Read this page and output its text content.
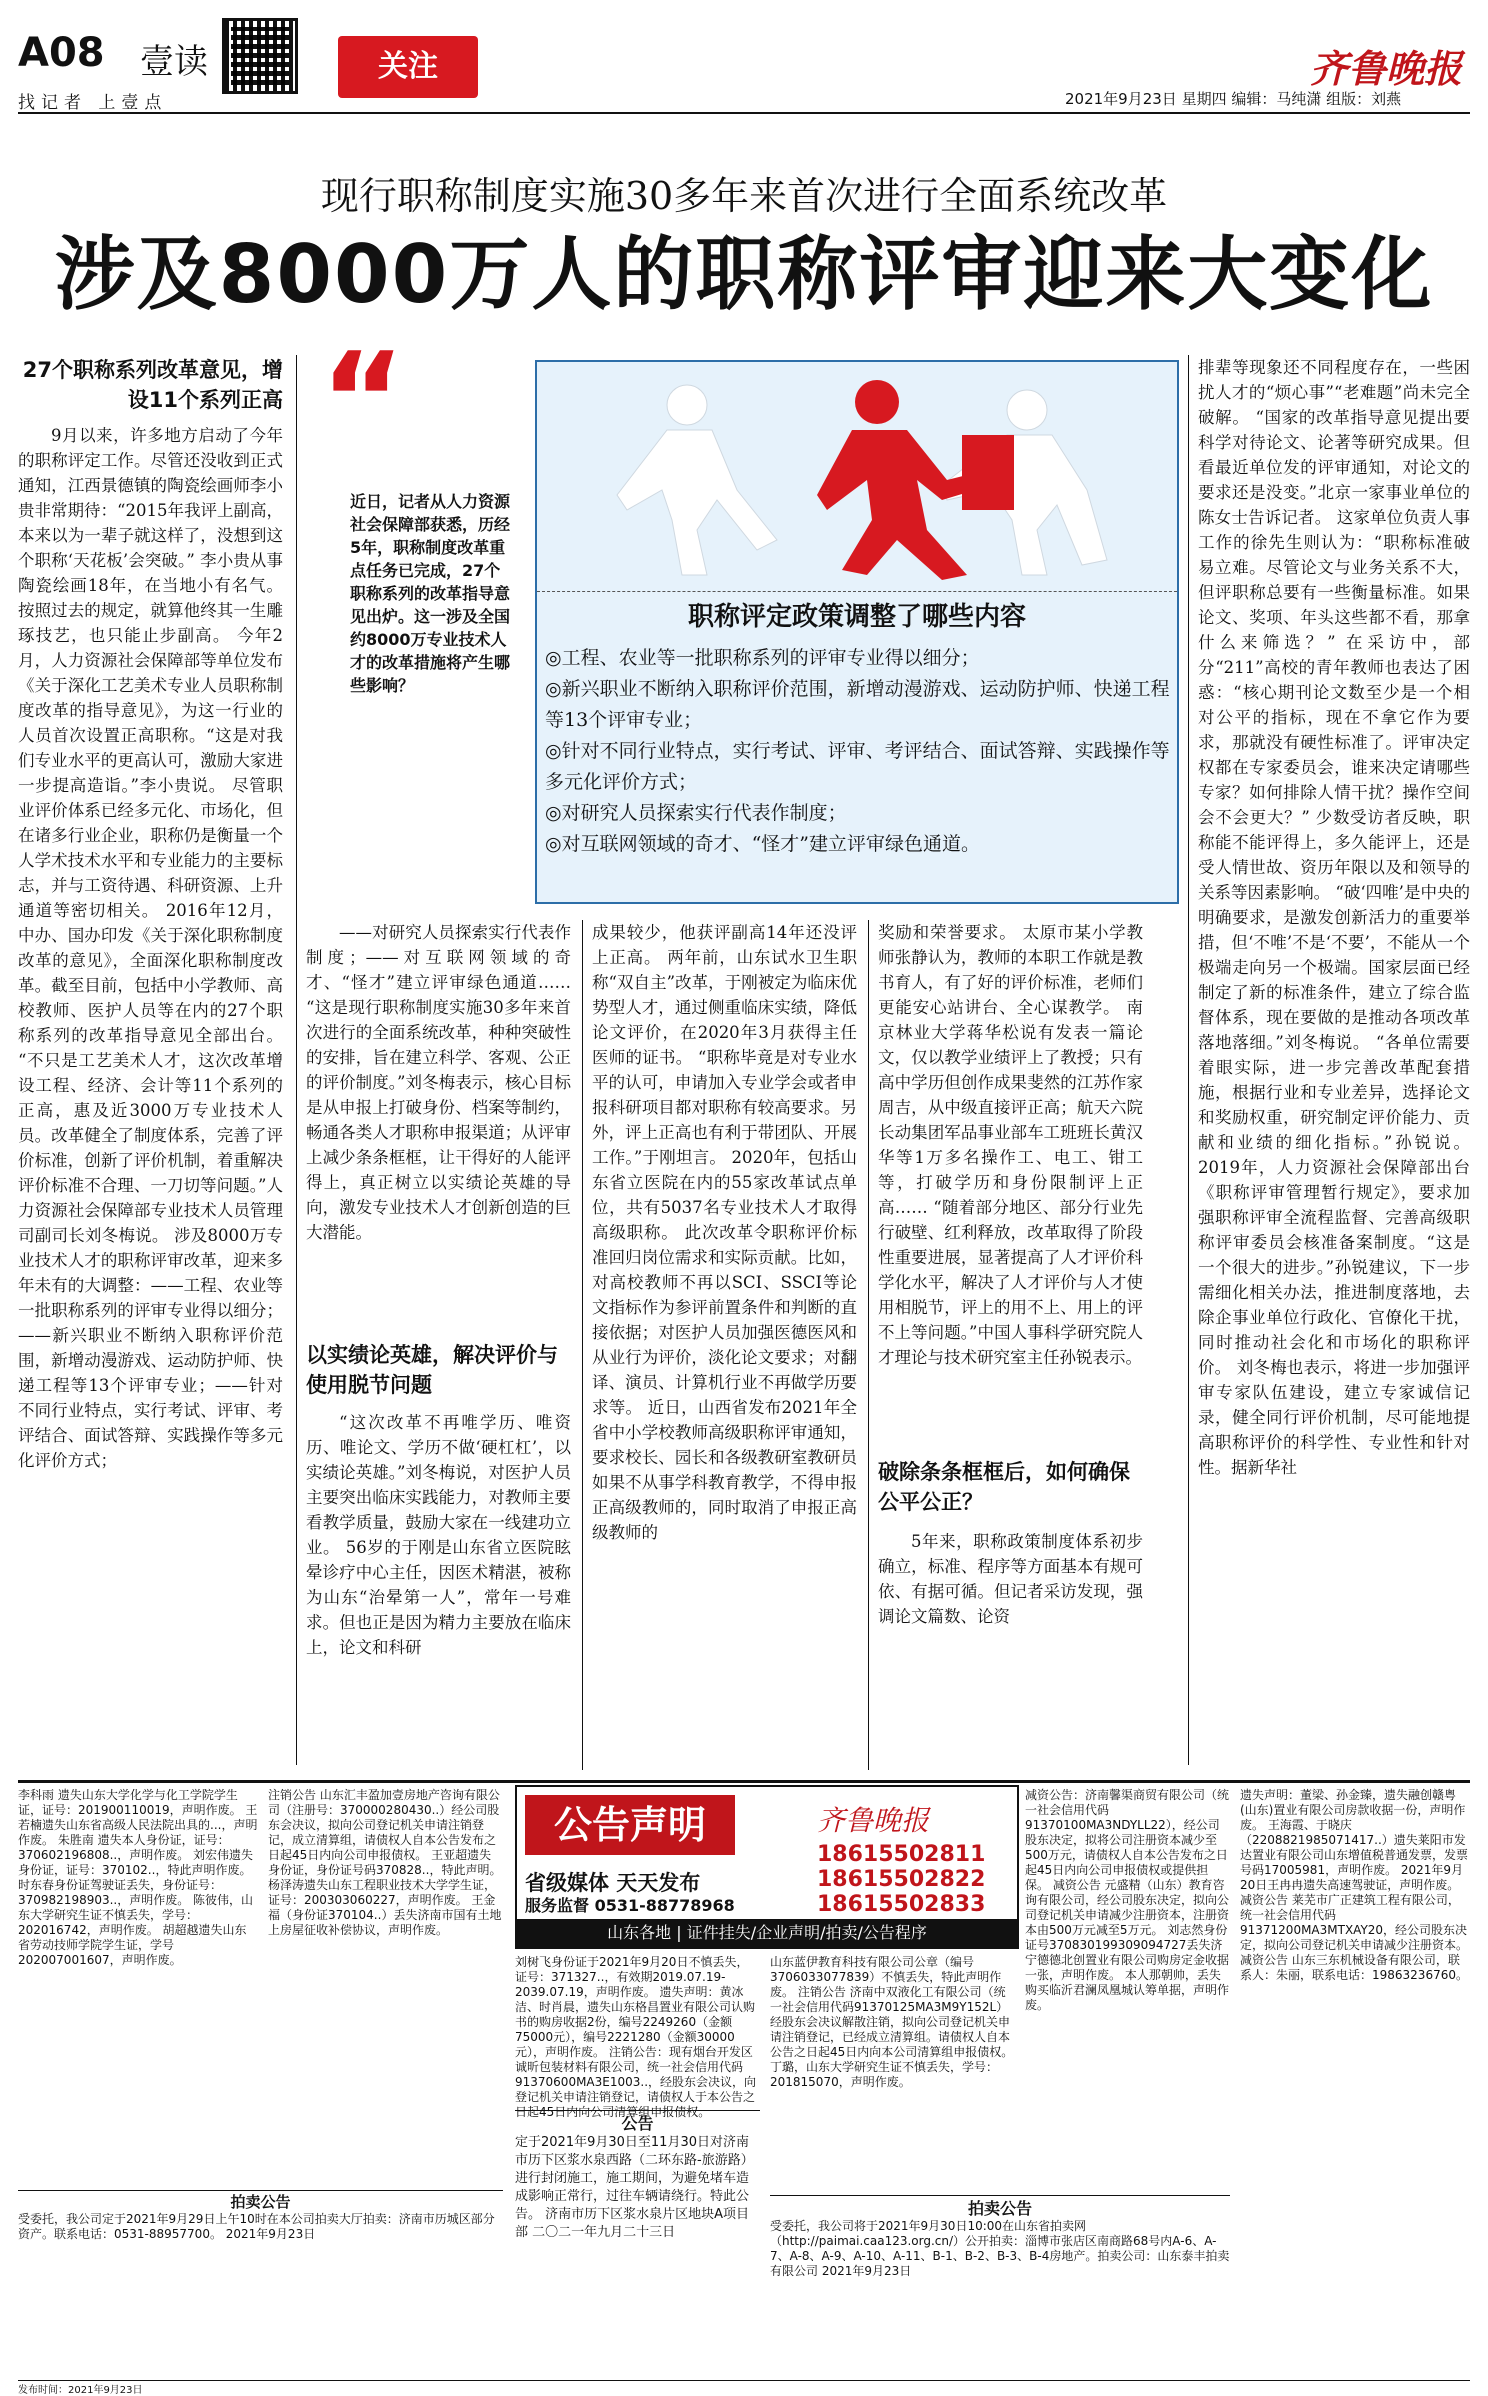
A08 壹读
找记者 上壹点
关注	齐鲁晚报
2021年9月23日 星期四 编辑：马纯潇 组版：刘燕
现行职称制度实施30多年来首次进行全面系统改革
涉及8000万人的职称评审迎来大变化
27个职称系列改革意见，增设11个系列正高
9月以来，许多地方启动了今年的职称评定工作。尽管还没收到正式通知，江西景德镇的陶瓷绘画师李小贵非常期待：“2015年我评上副高，本来以为一辈子就这样了，没想到这个职称‘天花板’会突破。” 李小贵从事陶瓷绘画18年，在当地小有名气。按照过去的规定，就算他终其一生雕琢技艺，也只能止步副高。 今年2月，人力资源社会保障部等单位发布《关于深化工艺美术专业人员职称制度改革的指导意见》，为这一行业的人员首次设置正高职称。“这是对我们专业水平的更高认可，激励大家进一步提高造诣。”李小贵说。 尽管职业评价体系已经多元化、市场化，但在诸多行业企业，职称仍是衡量一个人学术技术水平和专业能力的主要标志，并与工资待遇、科研资源、上升通道等密切相关。 2016年12月，中办、国办印发《关于深化职称制度改革的意见》，全面深化职称制度改革。截至目前，包括中小学教师、高校教师、医护人员等在内的27个职称系列的改革指导意见全部出台。 “不只是工艺美术人才，这次改革增设工程、经济、会计等11个系列的正高，惠及近3000万专业技术人员。改革健全了制度体系，完善了评价标准，创新了评价机制，着重解决评价标准不合理、一刀切等问题。”人力资源社会保障部专业技术人员管理司副司长刘冬梅说。 涉及8000万专业技术人才的职称评审改革，迎来多年未有的大调整：——工程、农业等一批职称系列的评审专业得以细分；——新兴职业不断纳入职称评价范围，新增动漫游戏、运动防护师、快递工程等13个评审专业；——针对不同行业特点，实行考试、评审、考评结合、面试答辩、实践操作等多元化评价方式；
“

近日，记者从人力资源社会保障部获悉，历经5年，职称制度改革重点任务已完成，27个职称系列的改革指导意见出炉。这一涉及全国约8000万专业技术人才的改革措施将产生哪些影响？

职称评定政策调整了哪些内容
◎工程、农业等一批职称系列的评审专业得以细分；
◎新兴职业不断纳入职称评价范围，新增动漫游戏、运动防护师、快递工程等13个评审专业；
◎针对不同行业特点，实行考试、评审、考评结合、面试答辩、实践操作等多元化评价方式；
◎对研究人员探索实行代表作制度；
◎对互联网领域的奇才、“怪才”建立评审绿色通道。
——对研究人员探索实行代表作制度；——对互联网领域的奇才、“怪才”建立评审绿色通道…… “这是现行职称制度实施30多年来首次进行的全面系统改革，种种突破性的安排，旨在建立科学、客观、公正的评价制度。”刘冬梅表示，核心目标是从申报上打破身份、档案等制约，畅通各类人才职称申报渠道；从评审上减少条条框框，让干得好的人能评得上，真正树立以实绩论英雄的导向，激发专业技术人才创新创造的巨大潜能。
以实绩论英雄，解决评价与使用脱节问题
“这次改革不再唯学历、唯资历、唯论文、学历不做‘硬杠杠’，以实绩论英雄。”刘冬梅说，对医护人员主要突出临床实践能力，对教师主要看教学质量，鼓励大家在一线建功立业。 56岁的于刚是山东省立医院眩晕诊疗中心主任，因医术精湛，被称为山东“治晕第一人”，常年一号难求。但也正是因为精力主要放在临床上，论文和科研
成果较少，他获评副高14年还没评上正高。 两年前，山东试水卫生职称“双自主”改革，于刚被定为临床优势型人才，通过侧重临床实绩，降低论文评价，在2020年3月获得主任医师的证书。 “职称毕竟是对专业水平的认可，申请加入专业学会或者申报科研项目都对职称有较高要求。另外，评上正高也有利于带团队、开展工作。”于刚坦言。 2020年，包括山东省立医院在内的55家改革试点单位，共有5037名专业技术人才取得高级职称。 此次改革令职称评价标准回归岗位需求和实际贡献。比如，对高校教师不再以SCI、SSCI等论文指标作为参评前置条件和判断的直接依据；对医护人员加强医德医风和从业行为评价，淡化论文要求；对翻译、演员、计算机行业不再做学历要求等。 近日，山西省发布2021年全省中小学校教师高级职称评审通知，要求校长、园长和各级教研室教研员如果不从事学科教育教学，不得申报正高级教师的，同时取消了申报正高级教师的
奖励和荣誉要求。 太原市某小学教师张静认为，教师的本职工作就是教书育人，有了好的评价标准，老师们更能安心站讲台、全心谋教学。 南京林业大学蒋华松说有发表一篇论文，仅以教学业绩评上了教授；只有高中学历但创作成果斐然的江苏作家周吉，从中级直接评正高；航天六院长动集团军品事业部车工班班长黄汉华等1万多名操作工、电工、钳工等，打破学历和身份限制评上正高…… “随着部分地区、部分行业先行破壁、红利释放，改革取得了阶段性重要进展，显著提高了人才评价科学化水平，解决了人才评价与人才使用相脱节，评上的用不上、用上的评不上等问题。”中国人事科学研究院人才理论与技术研究室主任孙锐表示。
破除条条框框后，如何确保公平公正？
5年来，职称政策制度体系初步确立，标准、程序等方面基本有规可依、有据可循。但记者采访发现，强调论文篇数、论资
排辈等现象还不同程度存在，一些困扰人才的“烦心事”“老难题”尚未完全破解。 “国家的改革指导意见提出要科学对待论文、论著等研究成果。但看最近单位发的评审通知，对论文的要求还是没变。”北京一家事业单位的陈女士告诉记者。 这家单位负责人事工作的徐先生则认为：“职称标准破易立难。尽管论文与业务关系不大，但评职称总要有一些衡量标准。如果论文、奖项、年头这些都不看，那拿什么来筛选？” 在采访中，部分“211”高校的青年教师也表达了困惑：“核心期刊论文数至少是一个相对公平的指标，现在不拿它作为要求，那就没有硬性标准了。评审决定权都在专家委员会，谁来决定请哪些专家？如何排除人情干扰？操作空间会不会更大？” 少数受访者反映，职称能不能评得上，多久能评上，还是受人情世故、资历年限以及和领导的关系等因素影响。 “破‘四唯’是中央的明确要求，是激发创新活力的重要举措，但‘不唯’不是‘不要’，不能从一个极端走向另一个极端。国家层面已经制定了新的标准条件，建立了综合监督体系，现在要做的是推动各项改革落地落细。”刘冬梅说。 “各单位需要着眼实际，进一步完善改革配套措施，根据行业和专业差异，选择论文和奖励权重，研究制定评价能力、贡献和业绩的细化指标。”孙锐说。 2019年，人力资源社会保障部出台《职称评审管理暂行规定》，要求加强职称评审全流程监督、完善高级职称评审委员会核准备案制度。“这是一个很大的进步。”孙锐建议，下一步需细化相关办法，推进制度落地，去除企事业单位行政化、官僚化干扰，同时推动社会化和市场化的职称评价。 刘冬梅也表示，将进一步加强评审专家队伍建设，建立专家诚信记录，健全同行评价机制，尽可能地提高职称评价的科学性、专业性和针对性。据新华社
李科雨 遗失山东大学化学与化工学院学生证，证号：201900110019，声明作废。 王若楠遗失山东省高级人民法院出具的...，声明作废。 朱胜南 遗失本人身份证，证号：370602196808..，声明作废。 刘宏伟遗失身份证，证号：370102..，特此声明作废。 时东春身份证驾驶证丢失，身份证号：370982198903..，声明作废。 陈彼伟，山东大学研究生证不慎丢失，学号：202016742，声明作废。 胡超越遗失山东省劳动技师学院学生证，学号202007001607，声明作废。
注销公告 山东汇丰盈加壹房地产咨询有限公司（注册号：370000280430..）经公司股东会决议，拟向公司登记机关申请注销登记，成立清算组，请债权人自本公告发布之日起45日内向公司申报债权。 王亚超遗失身份证，身份证号码370828..，特此声明。 杨泽涛遗失山东工程职业技术大学学生证，证号：200303060227，声明作废。 王金福（身份证370104..）丢失济南市国有土地上房屋征收补偿协议，声明作废。
公告声明	齐鲁晚报
省级媒体 天天发布
服务监督 0531-88778968
18615502811
18615502822
18615502833
山东各地 | 证件挂失/企业声明/拍卖/公告程序
刘树飞身份证于2021年9月20日不慎丢失，证号：371327..，有效期2019.07.19-2039.07.19，声明作废。 遗失声明：黄冰洁、时肖晨，遗失山东格昌置业有限公司认购书的购房收据2份，编号2249260（金额75000元），编号2221280（金额30000元），声明作废。 注销公告：现有烟台开发区诚昕包装材料有限公司，统一社会信用代码91370600MA3E1003..，经股东会决议，向登记机关申请注销登记，请债权人于本公告之日起45日内向公司清算组申报债权。
山东蓝伊教育科技有限公司公章（编号3706033077839）不慎丢失，特此声明作废。 注销公告 济南中双液化工有限公司（统一社会信用代码91370125MA3M9Y152L）经股东会决议解散注销，拟向公司登记机关申请注销登记，已经成立清算组。请债权人自本公告之日起45日内向本公司清算组申报债权。 丁璐，山东大学研究生证不慎丢失，学号：201815070，声明作废。
减资公告：济南馨渠商贸有限公司（统一社会信用代码91370100MA3NDYLL22），经公司股东决定，拟将公司注册资本减少至500万元，请债权人自本公告发布之日起45日内向公司申报债权或提供担保。 减资公告 元盛精（山东）教育咨询有限公司，经公司股东决定，拟向公司登记机关申请减少注册资本，注册资本由500万元减至5万元。 刘志然身份证号370830199309094727丢失济宁德德北创置业有限公司购房定金收据一张，声明作废。 本人那朝帅，丢失购买临沂君澜凤凰城认筹单据，声明作废。
遗失声明：董梁、孙金臻，遗失融创赣粤(山东)置业有限公司房款收据一份，声明作废。 王海霞、于晓庆（2208821985071417..）遗失莱阳市发达置业有限公司山东增值税普通发票，发票号码17005981，声明作废。 2021年9月20日王冉冉遗失高速驾驶证，声明作废。 减资公告 莱芜市广正建筑工程有限公司，统一社会信用代码91371200MA3MTXAY20，经公司股东决定，拟向公司登记机关申请减少注册资本。 减资公告 山东三东机械设备有限公司，联系人：朱丽，联系电话：19863236760。
拍卖公告
受委托，我公司定于2021年9月29日上午10时在本公司拍卖大厅拍卖：济南市历城区部分资产。联系电话：0531-88957700。 2021年9月23日
公告
定于2021年9月30日至11月30日对济南市历下区浆水泉西路（二环东路-旅游路）进行封闭施工，施工期间，为避免堵车造成影响正常行，过往车辆请绕行。特此公告。 济南市历下区浆水泉片区地块A项目部 二〇二一年九月二十三日
拍卖公告
受委托，我公司将于2021年9月30日10:00在山东省拍卖网（http://paimai.caa123.org.cn/）公开拍卖：淄博市张店区南商路68号内A-6、A-7、A-8、A-9、A-10、A-11、B-1、B-2、B-3、B-4房地产。拍卖公司：山东泰丰拍卖有限公司 2021年9月23日
发布时间：2021年9月23日
